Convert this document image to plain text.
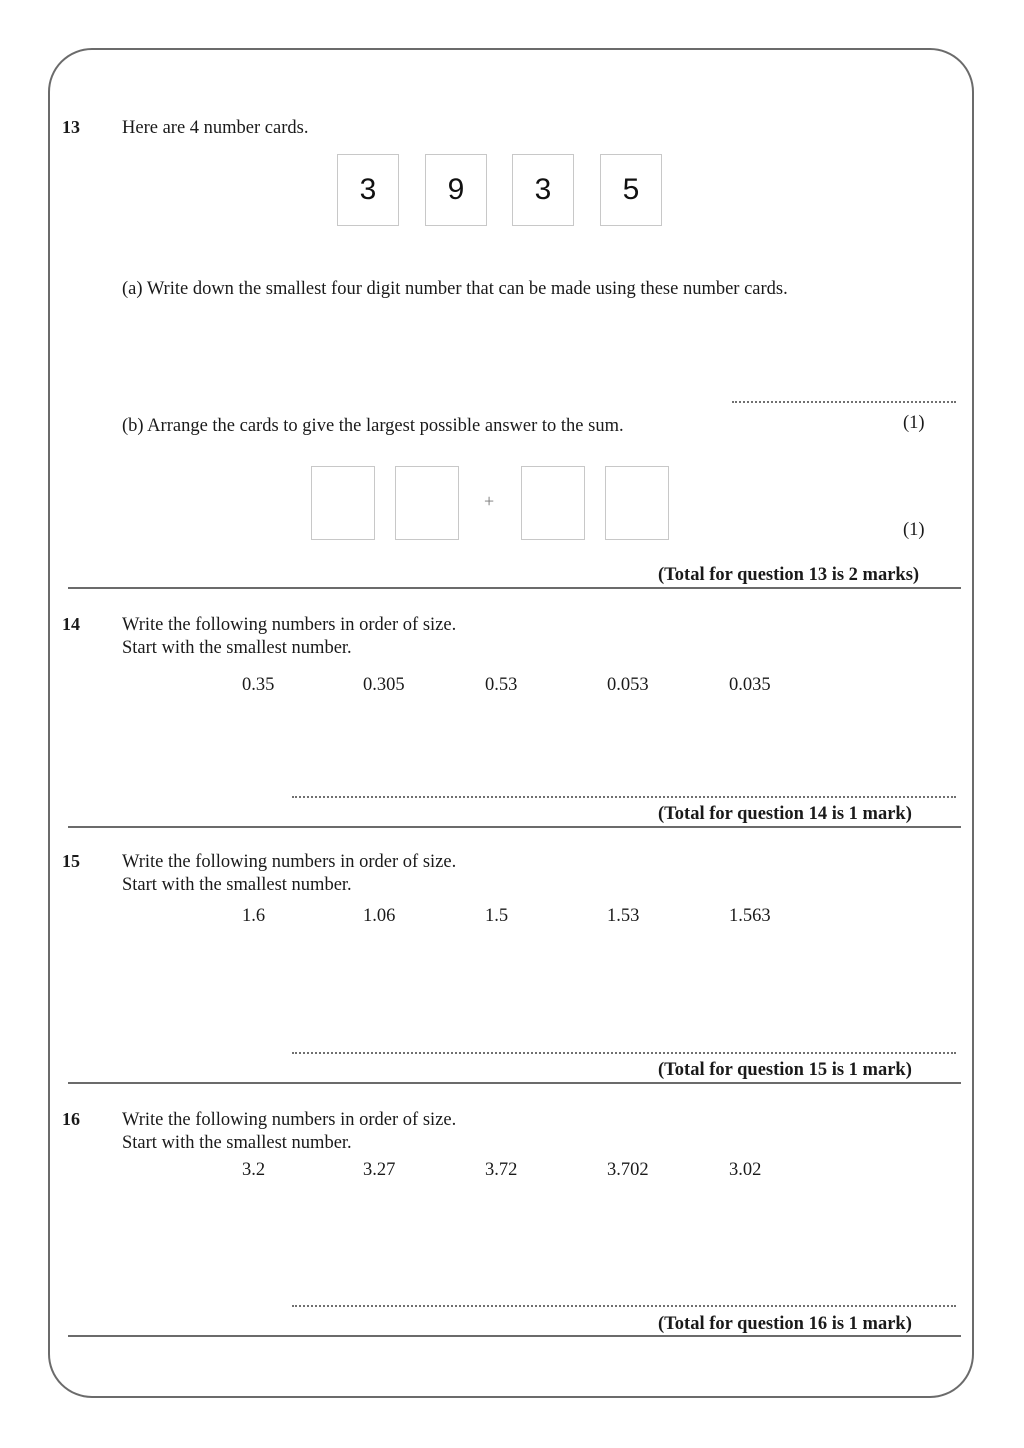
13 Here are 4 number cards.
3	9	3	5
(a) Write down the smallest four digit number that can be made using these number cards.
(b) Arrange the cards to give the largest possible answer to the sum.	(1)
+
(1)
(Total for question 13 is 2 marks)
14 Write the following numbers in order of size.
Start with the smallest number.
0.35	0.305	0.53	0.053	0.035
(Total for question 14 is 1 mark)
15 Write the following numbers in order of size.
Start with the smallest number.
1.6	1.06	1.5	1.53	1.563
(Total for question 15 is 1 mark)
16 Write the following numbers in order of size.
Start with the smallest number.
3.2	3.27	3.72	3.702	3.02
(Total for question 16 is 1 mark)
